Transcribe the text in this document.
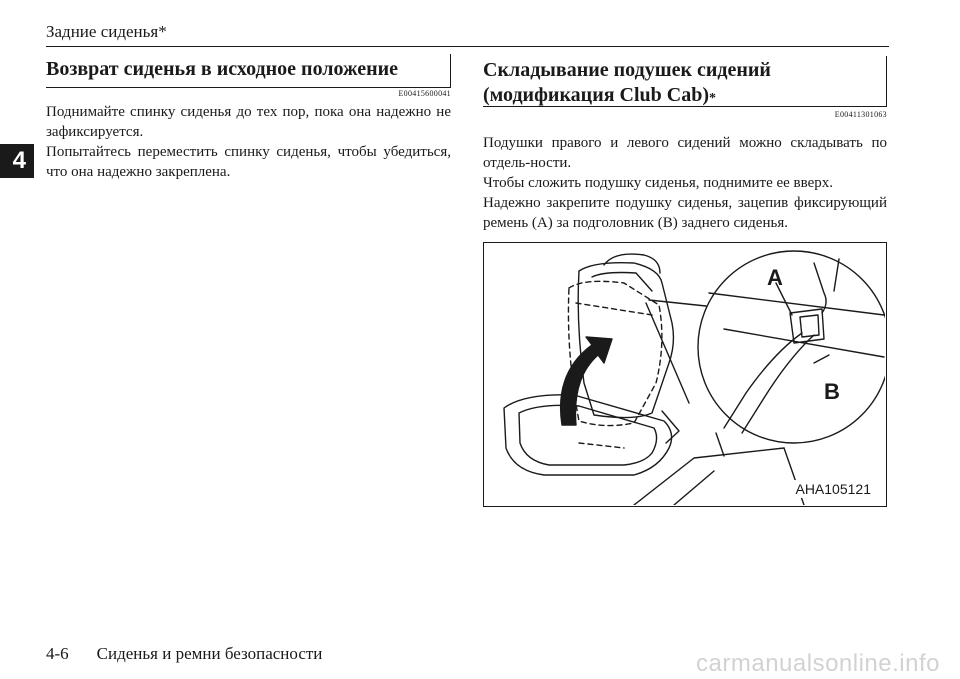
Задние сиденья*
4
Возврат сиденья в исходное положение
E00415600041

Поднимайте спинку сиденья до тех пор, пока она надежно не зафиксируется.

Попытайтесь переместить спинку сиденья, чтобы убедиться, что она надежно закреплена.

Складывание подушек сидений
(модификация Club Cab)*
E00411301063

Подушки правого и левого сидений можно складывать по отдель-ности.

Чтобы сложить подушку сиденья, поднимите ее вверх.

Надежно закрепите подушку сиденья, зацепив фиксирующий ремень (A) за подголовник (B) заднего сиденья.

A
B
AHA105121
4-6 Сиденья и ремни безопасности	carmanualsonline.info
